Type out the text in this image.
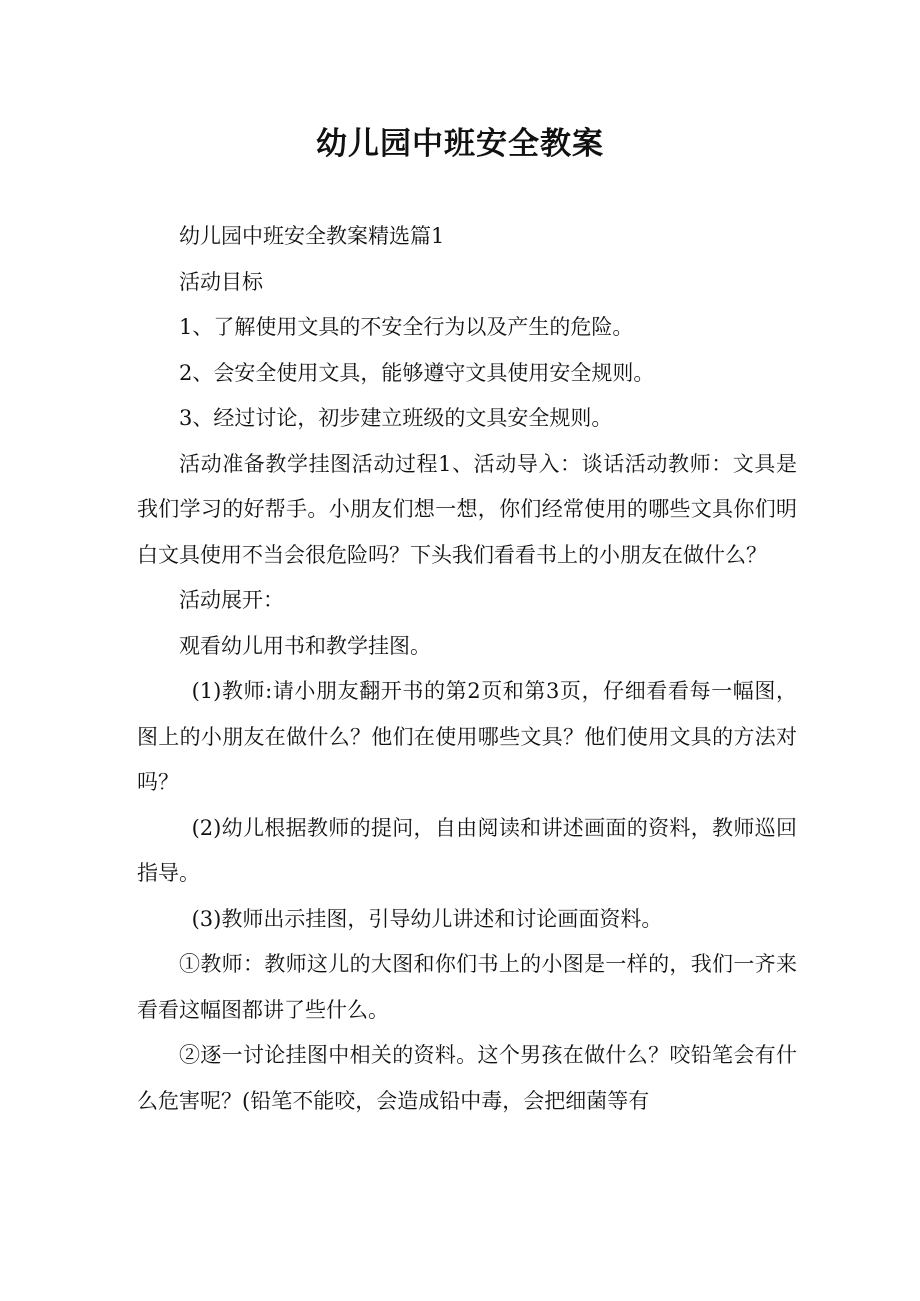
幼儿园中班安全教案

幼儿园中班安全教案精选篇1

活动目标

1、了解使用文具的不安全行为以及产生的危险。

2、会安全使用文具，能够遵守文具使用安全规则。

3、经过讨论，初步建立班级的文具安全规则。

活动准备教学挂图活动过程1、活动导入：谈话活动教师：文具是我们学习的好帮手。小朋友们想一想，你们经常使用的哪些文具你们明白文具使用不当会很危险吗？下头我们看看书上的小朋友在做什么？

活动展开：

观看幼儿用书和教学挂图。

(1)教师:请小朋友翻开书的第2页和第3页，仔细看看每一幅图，图上的小朋友在做什么？他们在使用哪些文具？他们使用文具的方法对吗？

(2)幼儿根据教师的提问，自由阅读和讲述画面的资料，教师巡回指导。

(3)教师出示挂图，引导幼儿讲述和讨论画面资料。

①教师：教师这儿的大图和你们书上的小图是一样的，我们一齐来看看这幅图都讲了些什么。

②逐一讨论挂图中相关的资料。这个男孩在做什么？咬铅笔会有什么危害呢？(铅笔不能咬，会造成铅中毒，会把细菌等有
